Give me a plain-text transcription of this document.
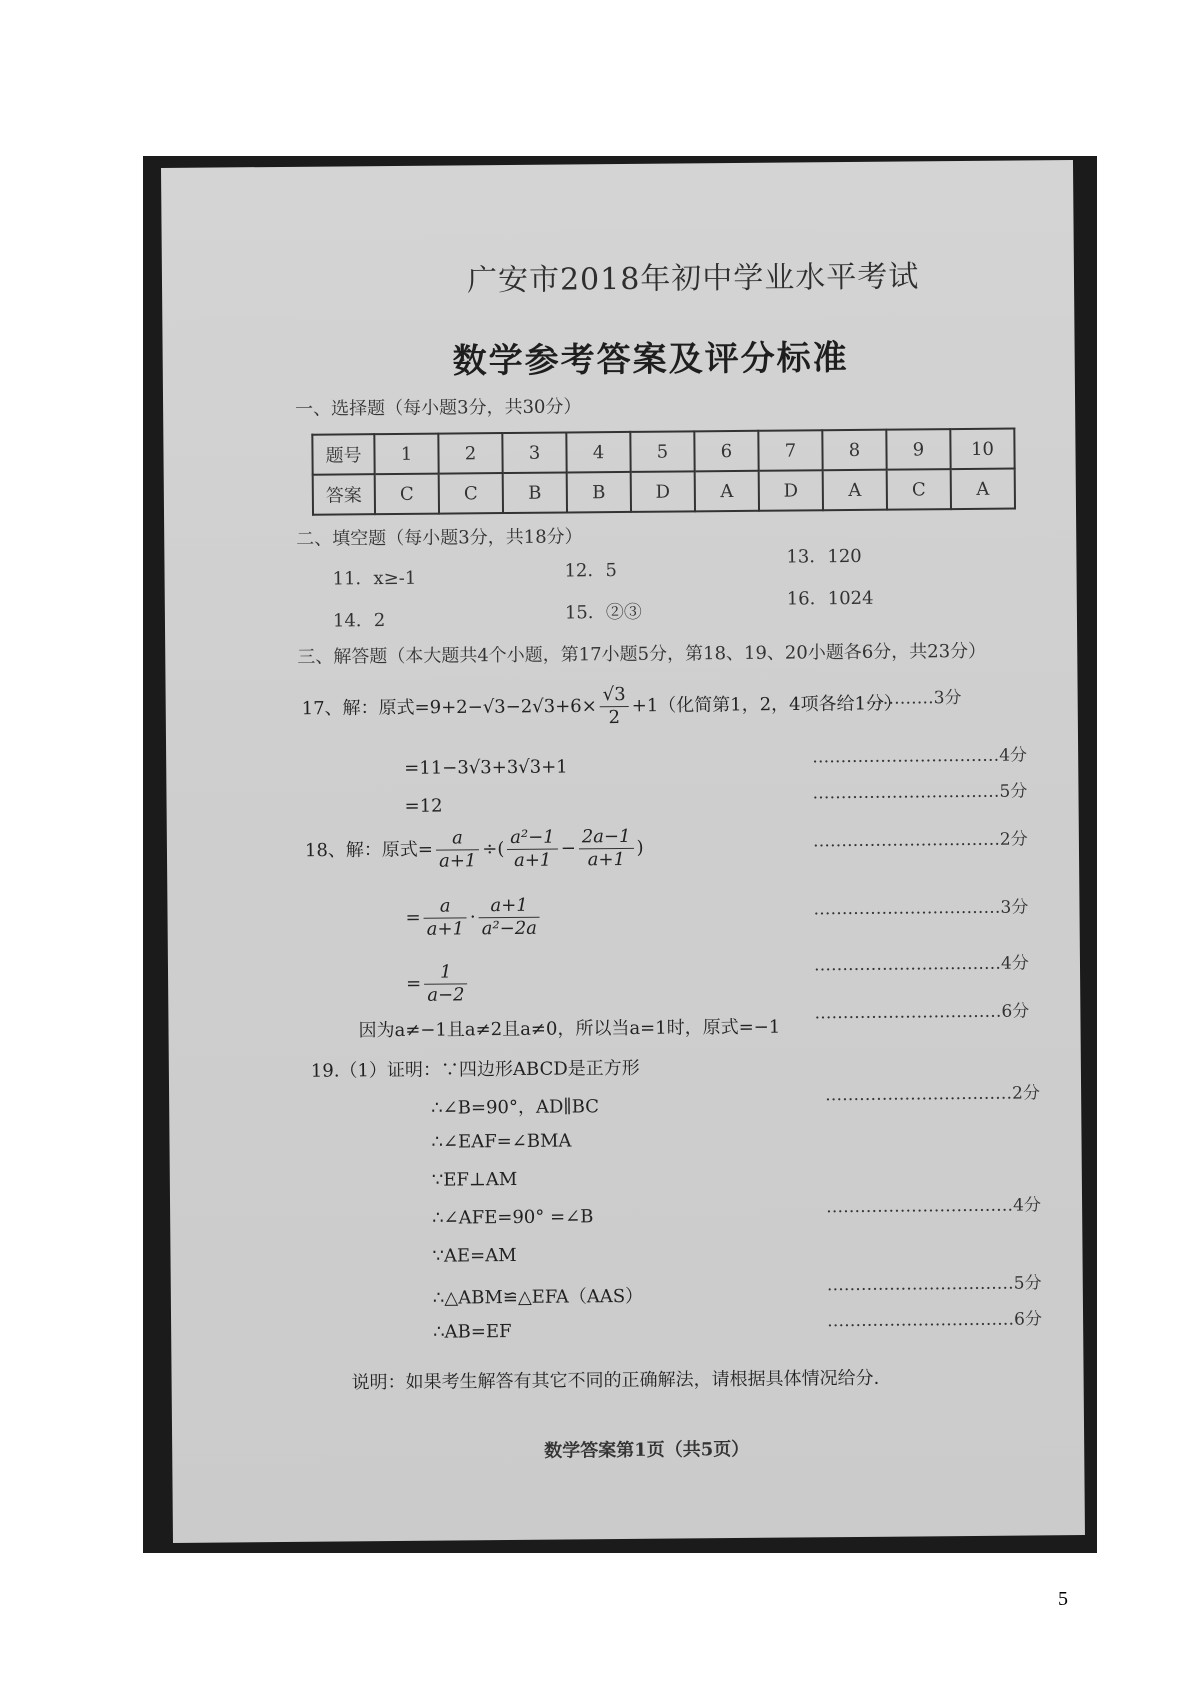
广安市2018年初中学业水平考试
数学参考答案及评分标准
一、选择题（每小题3分，共30分）
题号	1	2	3	4	5	6	7	8	9	10
答案	C	C	B	B	D	A	D	A	C	A
二、填空题（每小题3分，共18分）
11．x≥-1	12．5
13．120
14．2	15．②③
16．1024
三、解答题（本大题共4个小题，第17小题5分，第18、19、20小题各6分，共23分）
17、解：原式$=9+2-√3-2√3+6\times \frac{√3}{2} +1$（化简第1，2，4项各给1分）
…………3分
=11−3√3+3√3+1
……………………………4分
=12
……………………………5分
18、解：原式= $\frac{a}{a+1}$ ÷( $\frac{\text{a²−1}}{a+1} - \frac{2a-1}{a+1}$ )	……………………………2分
= $\frac{a}{a+1} \cdot \frac{a+1}{\text{a²−2a}}$	……………………………3分
= $\frac{1}{a-2}$	……………………………4分
因为a≠−1且a≠2且a≠0，所以当a=1时，原式=−1
……………………………6分
19.（1）证明：∵四边形ABCD是正方形
∴∠B=90°，AD∥BC
……………………………2分
∴∠EAF=∠BMA
∵EF⊥AM
∴∠AFE=90° =∠B	……………………………4分
∵AE=AM
∴△ABM≌△EFA（AAS）
……………………………5分
∴AB=EF
……………………………6分
说明：如果考生解答有其它不同的正确解法，请根据具体情况给分.
数学答案第1页（共5页）
5
